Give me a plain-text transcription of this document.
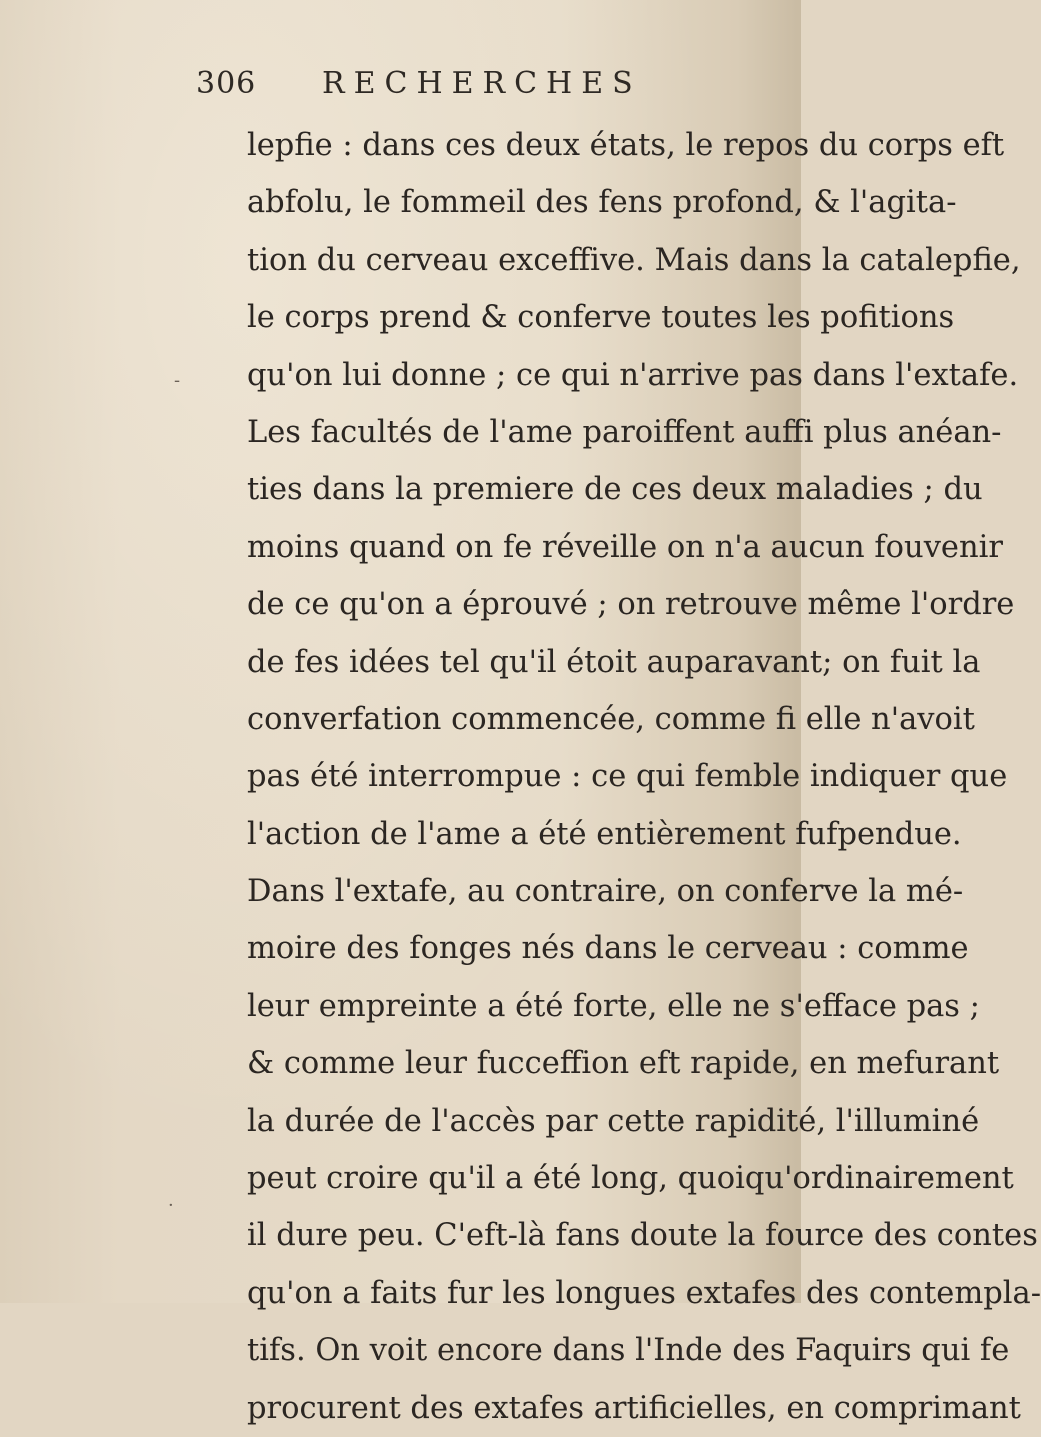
306 RECHERCHES
lepfie : dans ces deux états, le repos du corps eft
abfolu, le fommeil des fens profond, & l'agita-
tion du cerveau exceffive. Mais dans la catalepfie,
le corps prend & conferve toutes les pofitions
qu'on lui donne ; ce qui n'arrive pas dans l'extafe.
Les facultés de l'ame paroiffent auffi plus anéan-
ties dans la premiere de ces deux maladies ; du
moins quand on fe réveille on n'a aucun fouvenir
de ce qu'on a éprouvé ; on retrouve même l'ordre
de fes idées tel qu'il étoit auparavant; on fuit la
converfation commencée, comme fi elle n'avoit
pas été interrompue : ce qui femble indiquer que
l'action de l'ame a été entièrement fufpendue.
Dans l'extafe, au contraire, on conferve la mé-
moire des fonges nés dans le cerveau : comme
leur empreinte a été forte, elle ne s'efface pas ;
& comme leur fucceffion eft rapide, en mefurant
la durée de l'accès par cette rapidité, l'illuminé
peut croire qu'il a été long, quoiqu'ordinairement
il dure peu. C'eft-là fans doute la fource des contes
qu'on a faits fur les longues extafes des contempla-
tifs. On voit encore dans l'Inde des Faquirs qui fe
procurent des extafes artificielles, en comprimant
-
·
